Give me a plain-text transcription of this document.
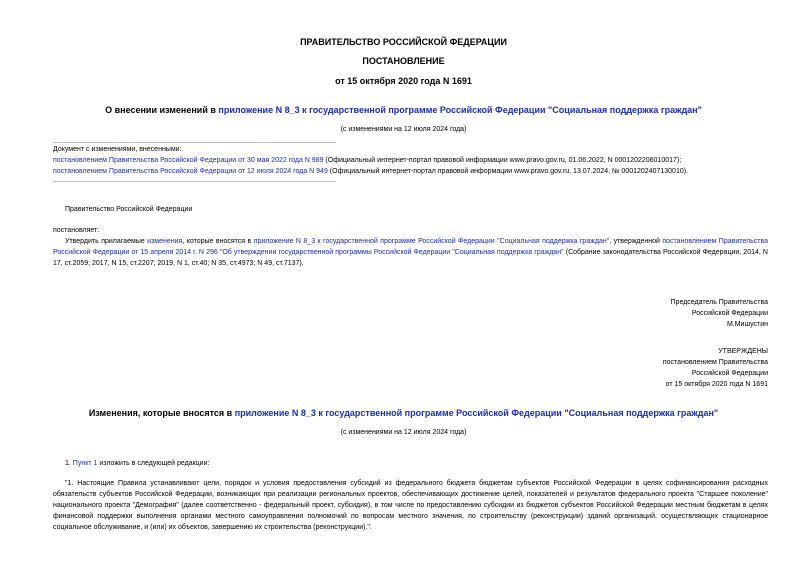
ПРАВИТЕЛЬСТВО РОССИЙСКОЙ ФЕДЕРАЦИИ
ПОСТАНОВЛЕНИЕ
от 15 октября 2020 года N 1691
О внесении изменений в приложение N 8_3 к государственной программе Российской Федерации "Социальная поддержка граждан"
(с изменениями на 12 июля 2024 года)
Документ с изменениями, внесенными:
постановлением Правительства Российской Федерации от 30 мая 2022 года N 989 (Официальный интернет-портал правовой информации www.pravo.gov.ru, 01.06.2022, N 0001202206010017);
постановлением Правительства Российской Федерации от 12 июля 2024 года N 949 (Официальный интернет-портал правовой информации www.pravo.gov.ru, 13.07.2024, № 0001202407130010).
Правительство Российской Федерации
постановляет:
Утвердить прилагаемые изменения, которые вносятся в приложение N 8_3 к государственной программе Российской Федерации "Социальная поддержка граждан", утвержденной постановлением Правительства Российской Федерации от 15 апреля 2014 г. N 296 "Об утверждении государственной программы Российской Федерации "Социальная поддержка граждан" (Собрание законодательства Российской Федерации, 2014, N 17, ст.2059; 2017, N 15, ст.2207; 2019, N 1, ст.40; N 35, ст.4973; N 49, ст.7137).
Председатель Правительства
Российской Федерации
М.Мишустин
УТВЕРЖДЕНЫ
постановлением Правительства
Российской Федерации
от 15 октября 2020 года N 1691
Изменения, которые вносятся в приложение N 8_3 к государственной программе Российской Федерации "Социальная поддержка граждан"
(с изменениями на 12 июля 2024 года)
1. Пункт 1 изложить в следующей редакции:
"1. Настоящие Правила устанавливают цели, порядок и условия предоставления субсидий из федерального бюджета бюджетам субъектов Российской Федерации в целях софинансирования расходных обязательств субъектов Российской Федерации, возникающих при реализации региональных проектов, обеспечивающих достижение целей, показателей и результатов федерального проекта "Старшее поколение" национального проекта "Демография" (далее соответственно - федеральный проект, субсидия), в том числе по предоставлению субсидии из бюджетов субъектов Российской Федерации местным бюджетам в целях финансовой поддержки выполнения органами местного самоуправления полномочий по вопросам местного значения, по строительству (реконструкции) зданий организаций, осуществляющих стационарное социальное обслуживание, и (или) их объектов, завершению их строительства (реконструкции).".
